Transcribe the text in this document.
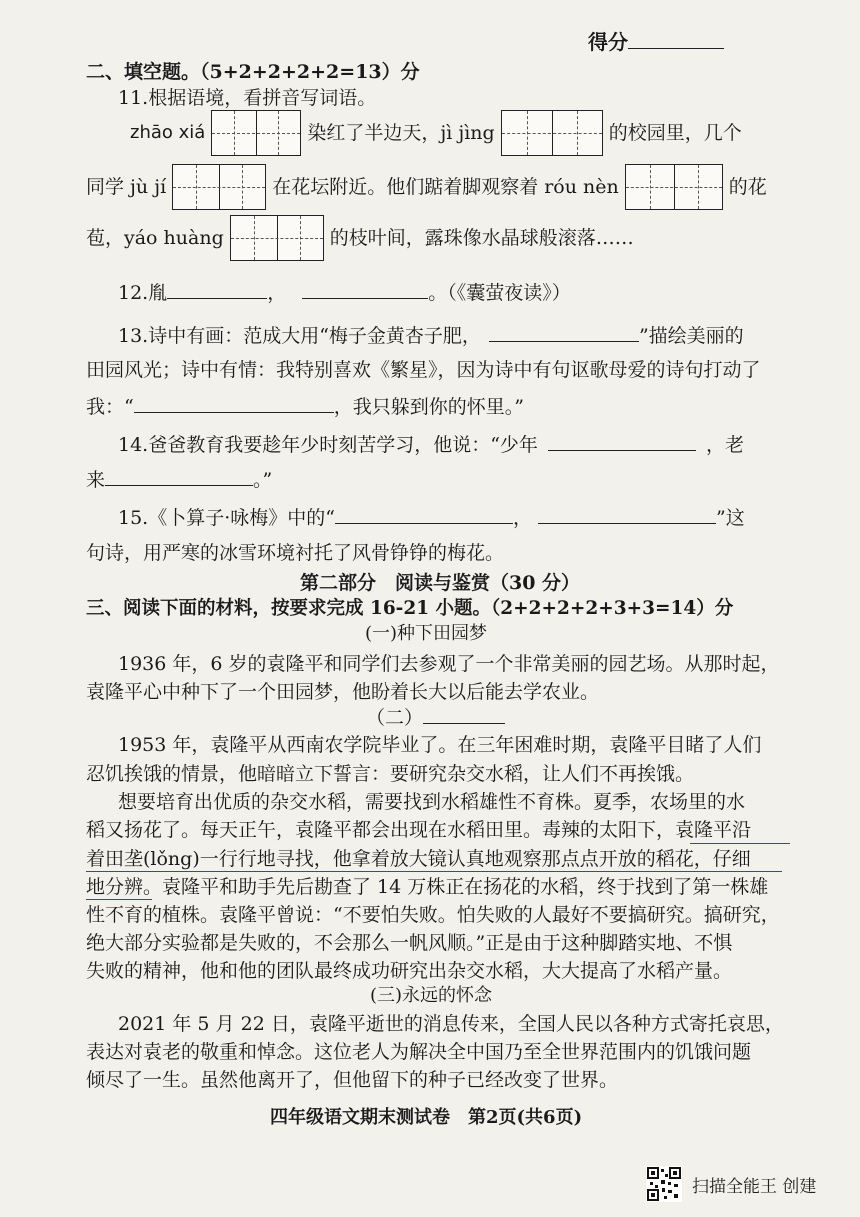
得分
二、填空题。（5+2+2+2+2=13）分
11.根据语境，看拼音写词语。
zhāo xiá	染红了半边天，jì jìng	的校园里，几个
同学 jù jí	在花坛附近。他们踮着脚观察着 róu nèn	的花
苞，yáo huàng	的枝叶间，露珠像水晶球般滚落……
12.胤	，	。（《囊萤夜读》）
13.诗中有画：范成大用“梅子金黄杏子肥，	”描绘美丽的
田园风光；诗中有情：我特别喜欢《繁星》，因为诗中有句讴歌母爱的诗句打动了
我：“	，我只躲到你的怀里。”
14.爸爸教育我要趁年少时刻苦学习，他说：“少年	，老
来	。”
15.《卜算子·咏梅》中的“	，	”这
句诗，用严寒的冰雪环境衬托了风骨铮铮的梅花。
第二部分　阅读与鉴赏（30 分）
三、阅读下面的材料，按要求完成 16-21 小题。（2+2+2+2+3+3=14）分
(一)种下田园梦
1936 年，6 岁的袁隆平和同学们去参观了一个非常美丽的园艺场。从那时起，
袁隆平心中种下了一个田园梦，他盼着长大以后能去学农业。
（二）
1953 年，袁隆平从西南农学院毕业了。在三年困难时期，袁隆平目睹了人们
忍饥挨饿的情景，他暗暗立下誓言：要研究杂交水稻，让人们不再挨饿。
想要培育出优质的杂交水稻，需要找到水稻雄性不育株。夏季，农场里的水
稻又扬花了。每天正午，袁隆平都会出现在水稻田里。毒辣的太阳下，袁隆平沿
着田垄(lǒng)一行行地寻找，他拿着放大镜认真地观察那点点开放的稻花，仔细
地分辨。袁隆平和助手先后勘查了 14 万株正在扬花的水稻，终于找到了第一株雄
性不育的植株。袁隆平曾说：“不要怕失败。怕失败的人最好不要搞研究。搞研究，
绝大部分实验都是失败的，不会那么一帆风顺。”正是由于这种脚踏实地、不惧
失败的精神，他和他的团队最终成功研究出杂交水稻，大大提高了水稻产量。
(三)永远的怀念
2021 年 5 月 22 日，袁隆平逝世的消息传来，全国人民以各种方式寄托哀思，
表达对袁老的敬重和悼念。这位老人为解决全中国乃至全世界范围内的饥饿问题
倾尽了一生。虽然他离开了，但他留下的种子已经改变了世界。
四年级语文期末测试卷　第2页(共6页)
扫描全能王 创建
